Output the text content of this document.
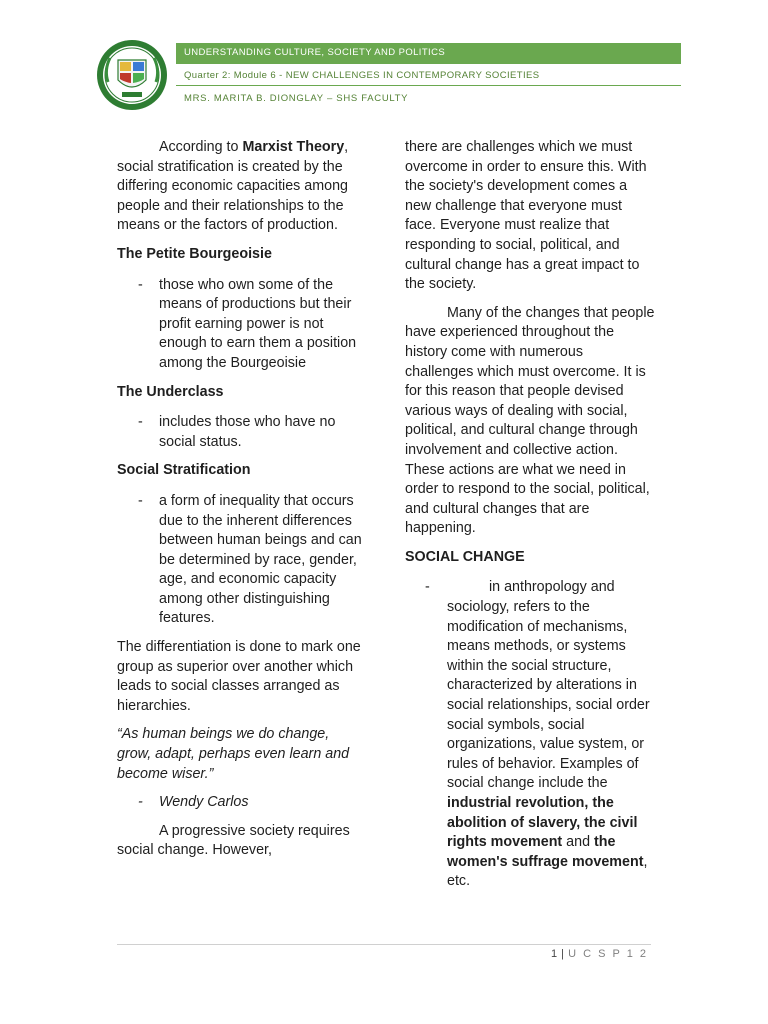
UNDERSTANDING CULTURE, SOCIETY AND POLITICS
Quarter 2: Module 6 - NEW CHALLENGES IN CONTEMPORARY SOCIETIES
MRS. MARITA B. DIONGLAY – SHS FACULTY

According to Marxist Theory, social stratification is created by the differing economic capacities among people and their relationships to the means or the factors of production.

The Petite Bourgeoisie

- those who own some of the means of productions but their profit earning power is not enough to earn them a position among the Bourgeoisie

The Underclass

- includes those who have no social status.

Social Stratification

- a form of inequality that occurs due to the inherent differences between human beings and can be determined by race, gender, age, and economic capacity among other distinguishing features.

The differentiation is done to mark one group as superior over another which leads to social classes arranged as hierarchies.

“As human beings we do change, grow, adapt, perhaps even learn and become wiser.”

- Wendy Carlos

A progressive society requires social change. However,

there are challenges which we must overcome in order to ensure this. With the society's development comes a new challenge that everyone must face. Everyone must realize that responding to social, political, and cultural change has a great impact to the society.

Many of the changes that people have experienced throughout the history come with numerous challenges which must overcome. It is for this reason that people devised various ways of dealing with social, political, and cultural change through involvement and collective action. These actions are what we need in order to respond to the social, political, and cultural changes that are happening.

SOCIAL CHANGE

-	in anthropology and sociology, refers to the modification of mechanisms, means methods, or systems within the social structure, characterized by alterations in social relationships, social order social symbols, social organizations, value system, or rules of behavior. Examples of social change include the industrial revolution, the abolition of slavery, the civil rights movement and the women's suffrage movement, etc.
1 | U C S P 1 2
